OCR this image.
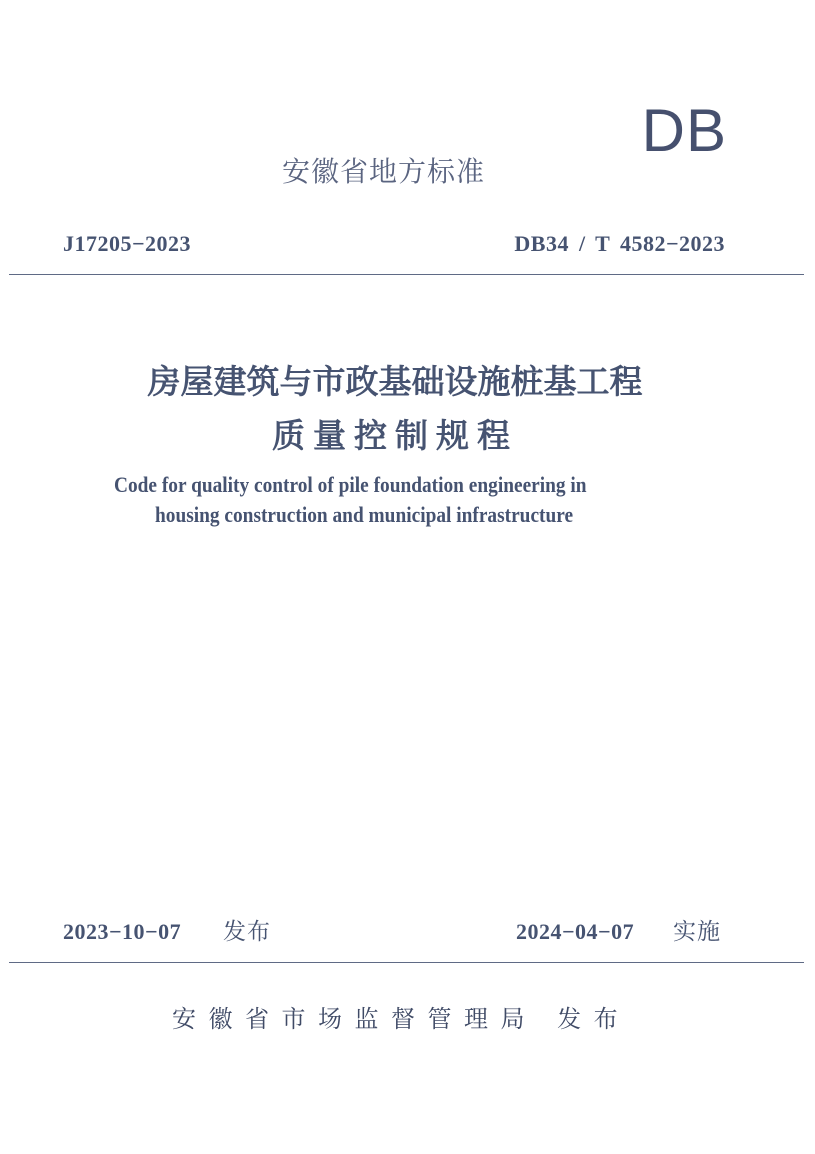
DB
安徽省地方标准
J17205−2023	DB34 / T 4582−2023
房屋建筑与市政基础设施桩基工程
质量控制规程
Code for quality control of pile foundation engineering in
housing construction and municipal infrastructure
2023−10−07 发布	2024−04−07 实施
安徽省市场监督管理局 发布
